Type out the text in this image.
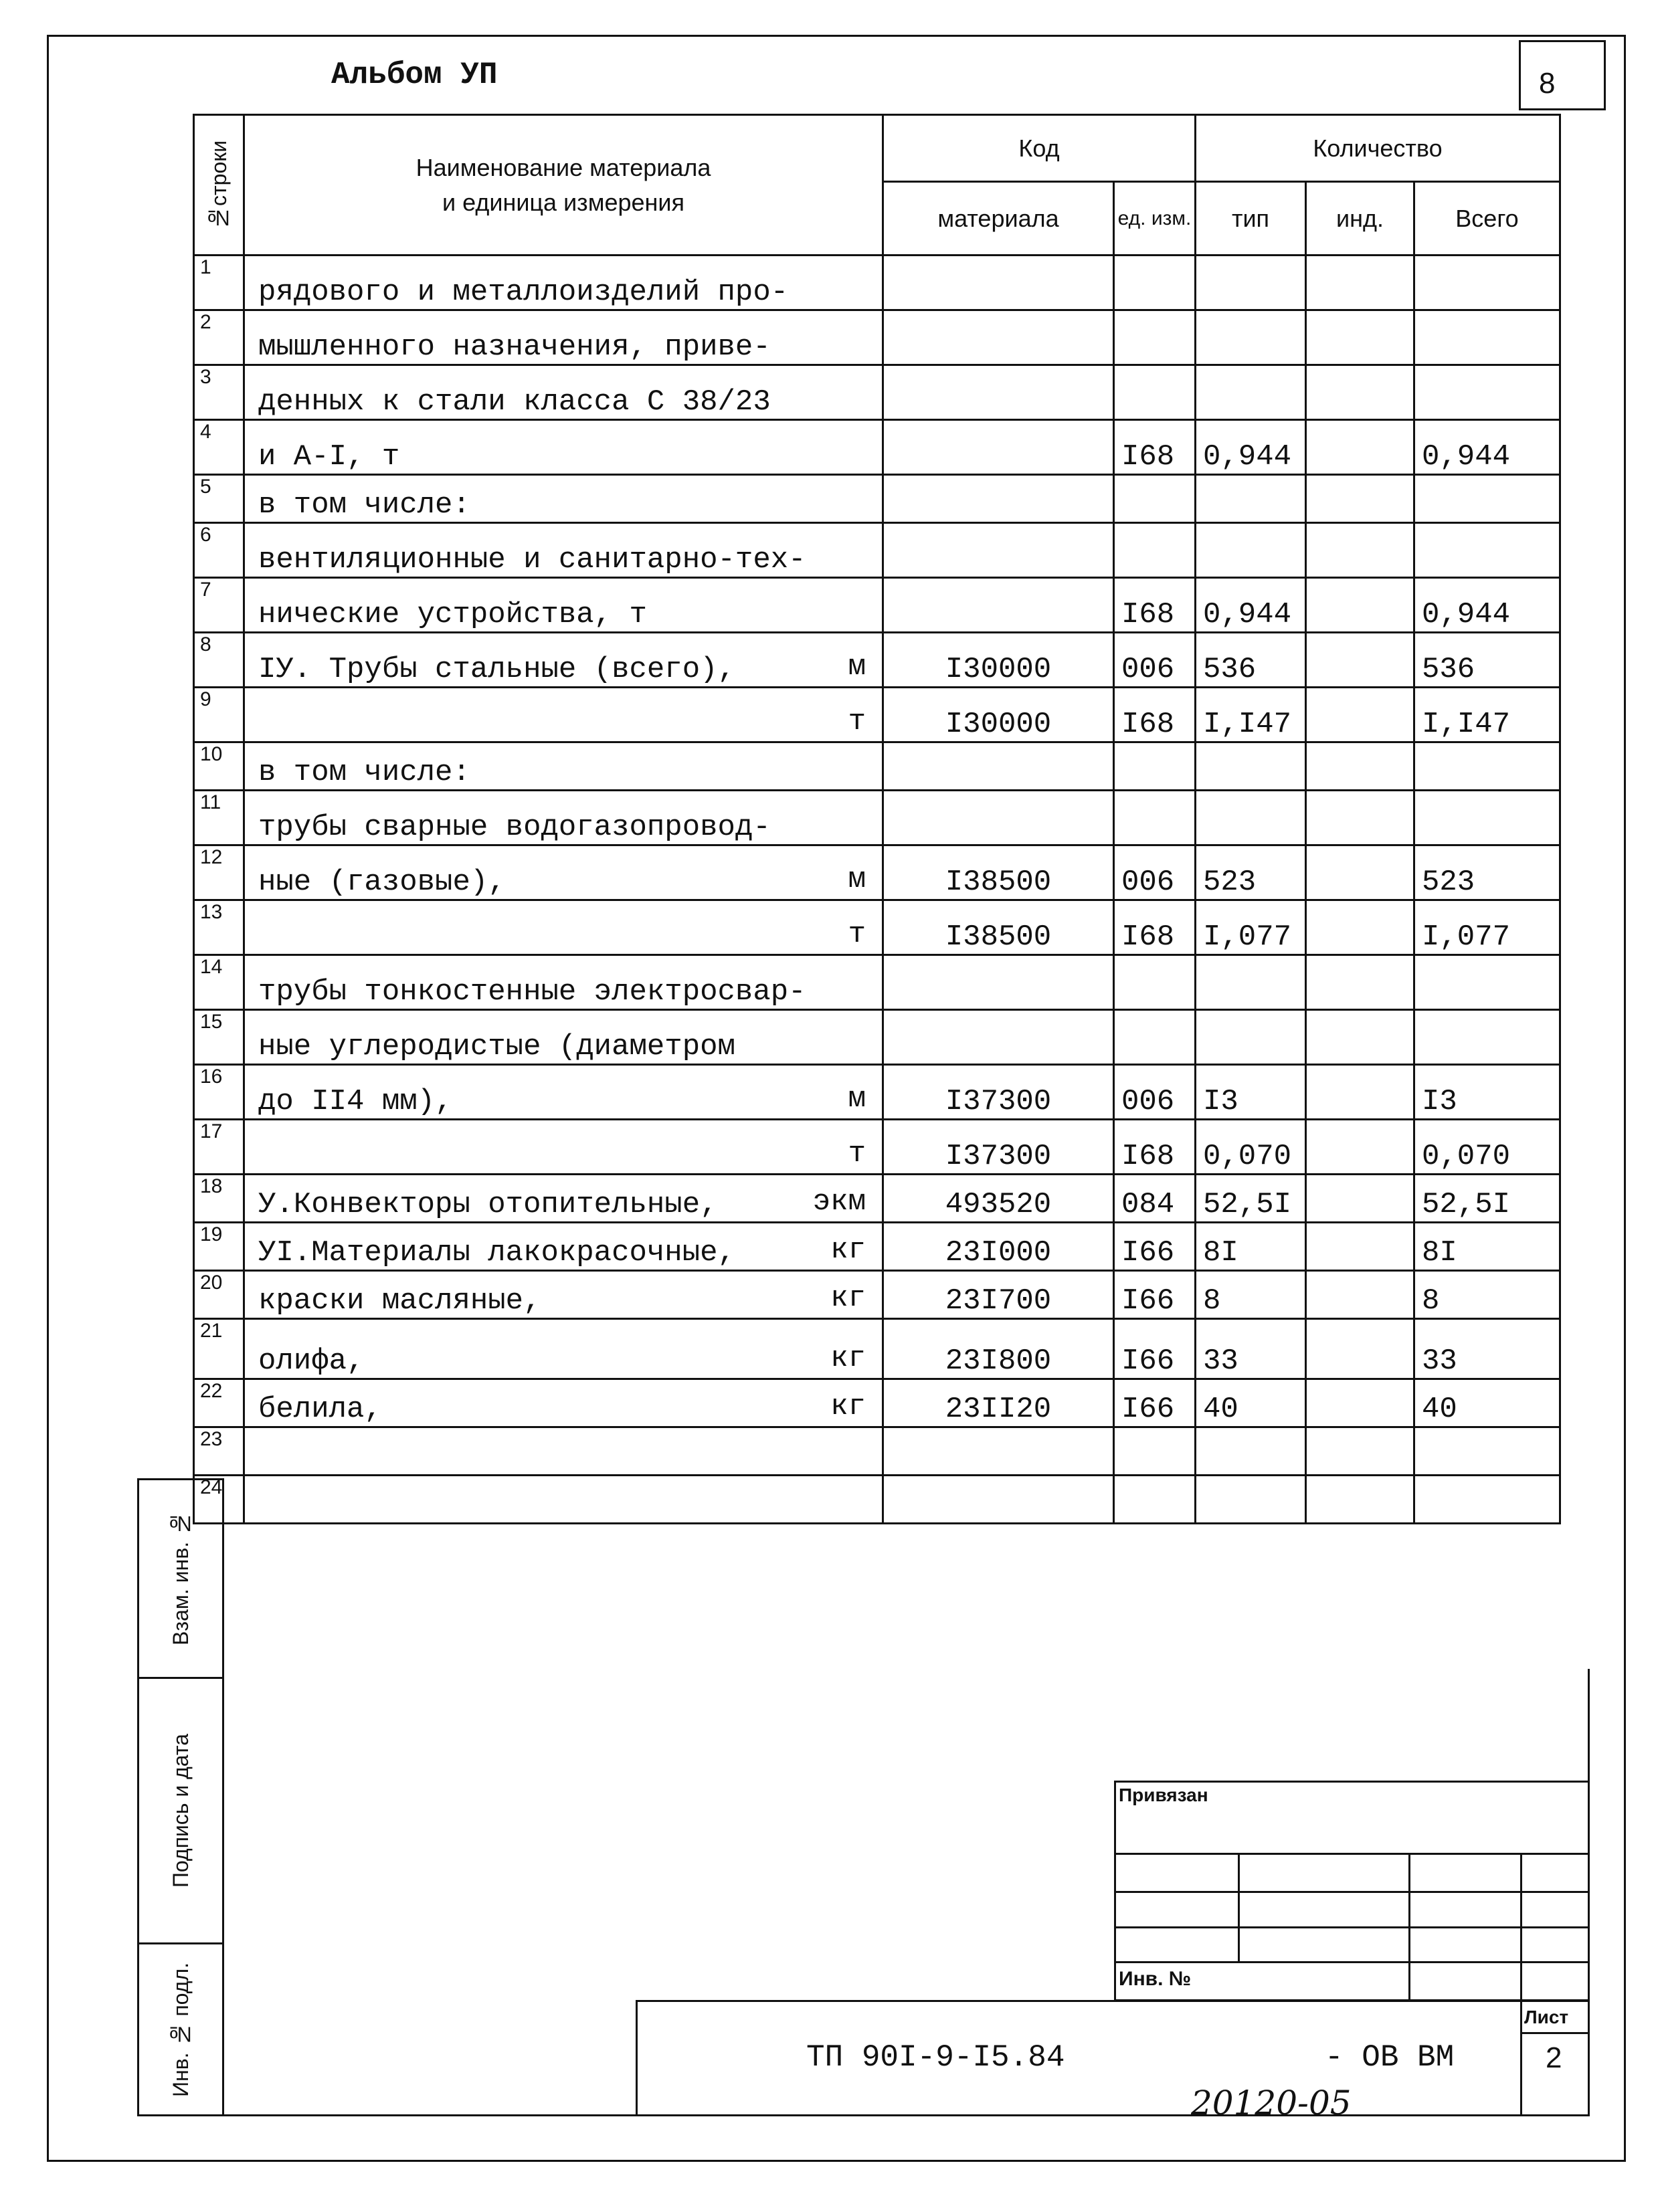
Альбом УП	8
№строки	Наименование материала
и единица измерения	Код		Количество		
		материала	ед. изм.	тип	инд.	Всего
1	рядового и металлоизделий про-

2	мышленного назначения, приве-

3	денных к стали класса С 38/23

4	и А-I, т		I68	0,944		0,944
5	в том числе:

6	вентиляционные и санитарно-тех-

7	нические устройства, т		I68	0,944		0,944
8	IУ. Трубы стальные (всего), м	I30000	006	536		536
9	т	I30000	I68	I,I47		I,I47
10	в том числе:

11	трубы сварные водогазопровод-

12	ные (газовые), м	I38500	006	523		523
13	т	I38500	I68	I,077		I,077
14	трубы тонкостенные электросвар-

15	ные углеродистые (диаметром

16	до II4 мм), м	I37300	006	I3		I3
17	т	I37300	I68	0,070		0,070
18	У.Конвекторы отопительные, экм	493520	084	52,5I		52,5I
19	УI.Материалы лакокрасочные, кг	23I000	I66	8I		8I
20	краски масляные, кг	23I700	I66	8		8
21	олифа, кг	23I800	I66	33		33
22	белила, кг	23II20	I66	40		40
23	

24	

Взам. инв. №
Подпись и дата
Инв. № подл.
Привязан
Инв. №
ТП 90I-9-I5.84	- ОВ ВМ
Лист
2
20120-05
